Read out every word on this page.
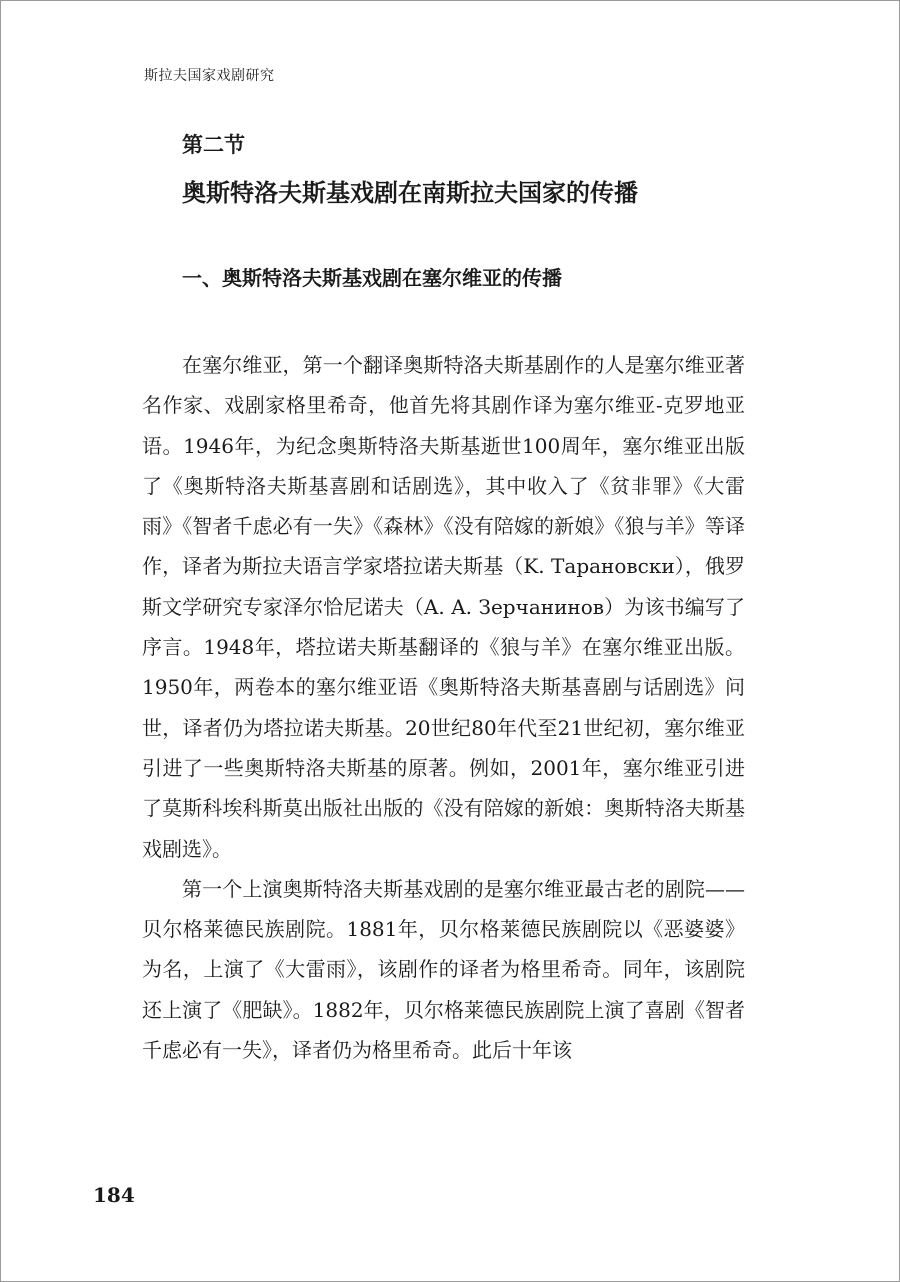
斯拉夫国家戏剧研究
第二节
奥斯特洛夫斯基戏剧在南斯拉夫国家的传播
一、奥斯特洛夫斯基戏剧在塞尔维亚的传播

在塞尔维亚，第一个翻译奥斯特洛夫斯基剧作的人是塞尔维亚著名作家、戏剧家格里希奇，他首先将其剧作译为塞尔维亚-克罗地亚语。1946年，为纪念奥斯特洛夫斯基逝世100周年，塞尔维亚出版了《奥斯特洛夫斯基喜剧和话剧选》，其中收入了《贫非罪》《大雷雨》《智者千虑必有一失》《森林》《没有陪嫁的新娘》《狼与羊》等译作，译者为斯拉夫语言学家塔拉诺夫斯基（K. Тарановски），俄罗斯文学研究专家泽尔恰尼诺夫（A. A. Зерчанинов）为该书编写了序言。1948年，塔拉诺夫斯基翻译的《狼与羊》在塞尔维亚出版。1950年，两卷本的塞尔维亚语《奥斯特洛夫斯基喜剧与话剧选》问世，译者仍为塔拉诺夫斯基。20世纪80年代至21世纪初，塞尔维亚引进了一些奥斯特洛夫斯基的原著。例如，2001年，塞尔维亚引进了莫斯科埃科斯莫出版社出版的《没有陪嫁的新娘：奥斯特洛夫斯基戏剧选》。

第一个上演奥斯特洛夫斯基戏剧的是塞尔维亚最古老的剧院——贝尔格莱德民族剧院。1881年，贝尔格莱德民族剧院以《恶婆婆》为名，上演了《大雷雨》，该剧作的译者为格里希奇。同年，该剧院还上演了《肥缺》。1882年，贝尔格莱德民族剧院上演了喜剧《智者千虑必有一失》，译者仍为格里希奇。此后十年该

184
